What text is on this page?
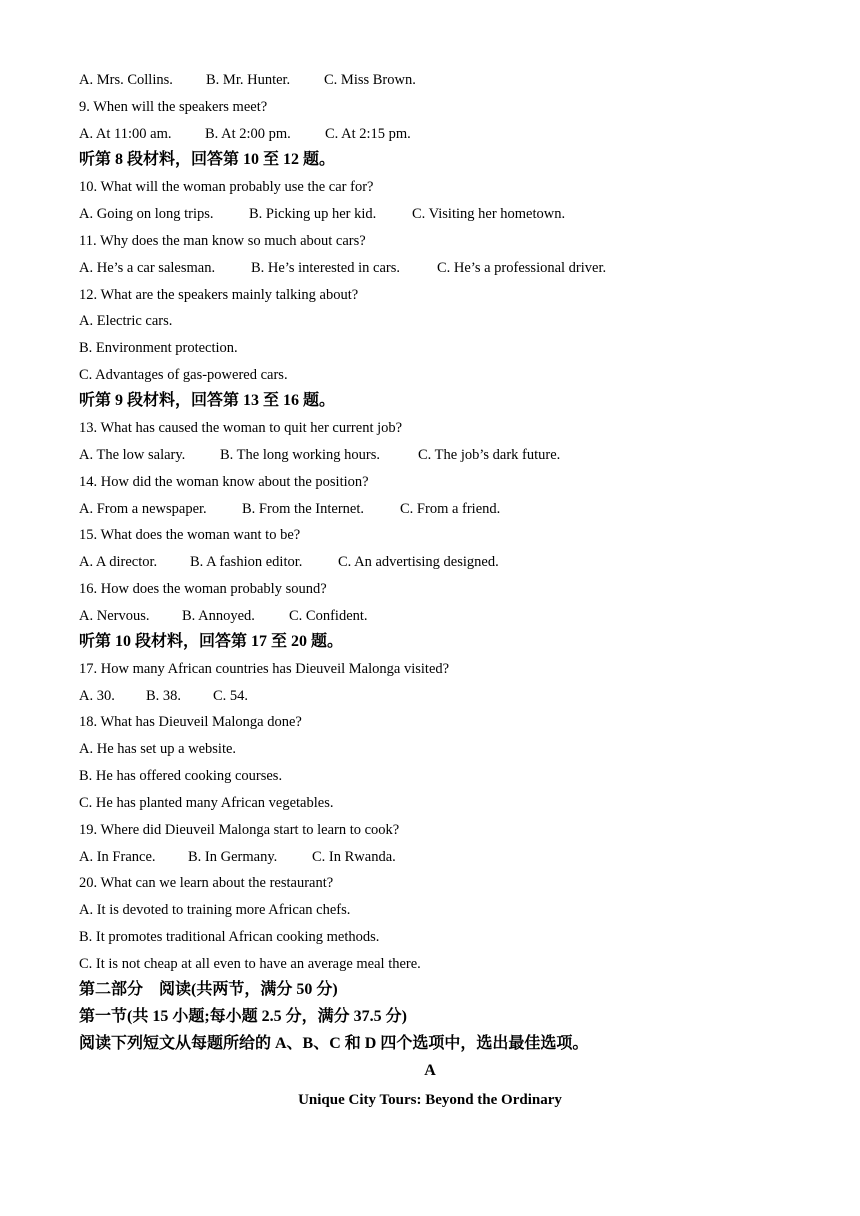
A. Mrs. Collins. B. Mr. Hunter. C. Miss Brown.
9. When will the speakers meet?
A. At 11:00 am. B. At 2:00 pm. C. At 2:15 pm.
听第 8 段材料，回答第 10 至 12 题。
10. What will the woman probably use the car for?
A. Going on long trips. B. Picking up her kid. C. Visiting her hometown.
11. Why does the man know so much about cars?
A. He’s a car salesman. B. He’s interested in cars.	C. He’s a professional driver.
12. What are the speakers mainly talking about?
A. Electric cars.
B. Environment protection.
C. Advantages of gas-powered cars.
听第 9 段材料，回答第 13 至 16 题。
13. What has caused the woman to quit her current job?
A. The low salary. B. The long working hours.	C. The job’s dark future.
14. How did the woman know about the position?
A. From a newspaper. B. From the Internet. C. From a friend.
15. What does the woman want to be?
A. A director. B. A fashion editor. C. An advertising designed.
16. How does the woman probably sound?
A. Nervous. B. Annoyed. C. Confident.
听第 10 段材料，回答第 17 至 20 题。
17. How many African countries has Dieuveil Malonga visited?
A. 30. B. 38. C. 54.
18. What has Dieuveil Malonga done?
A. He has set up a website.
B. He has offered cooking courses.
C. He has planted many African vegetables.
19. Where did Dieuveil Malonga start to learn to cook?
A. In France. B. In Germany. C. In Rwanda.
20. What can we learn about the restaurant?
A. It is devoted to training more African chefs.
B. It promotes traditional African cooking methods.
C. It is not cheap at all even to have an average meal there.
第二部分　阅读(共两节，满分 50 分)
第一节(共 15 小题;每小题 2.5 分，满分 37.5 分)
阅读下列短文从每题所给的 A、B、C 和 D 四个选项中，选出最佳选项。
A
Unique City Tours: Beyond the Ordinary
